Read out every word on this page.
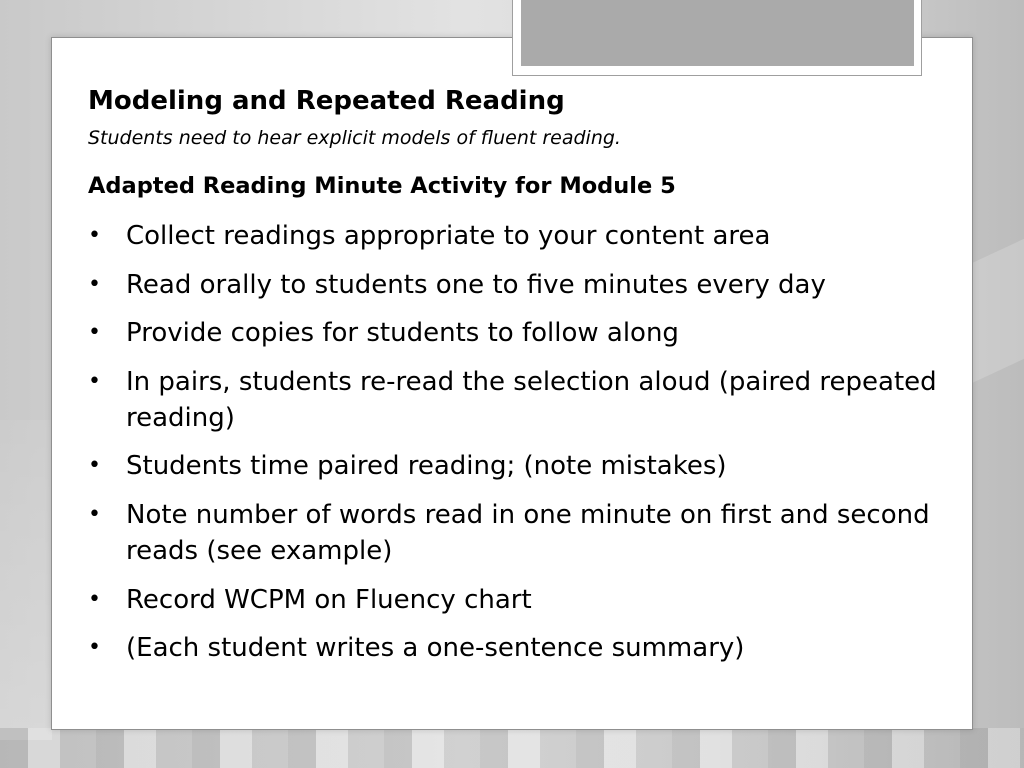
Modeling and Repeated Reading
Students need to hear explicit models of fluent reading.
Adapted Reading Minute Activity for Module 5
• Collect readings appropriate to your content area
• Read orally to students one to five minutes every day
• Provide copies for students to follow along
• In pairs, students re-read the selection aloud (paired repeated reading)
• Students time paired reading; (note mistakes)
• Note number of words read in one minute on first and second reads (see example)
• Record WCPM on Fluency chart
• (Each student writes a one-sentence summary)
